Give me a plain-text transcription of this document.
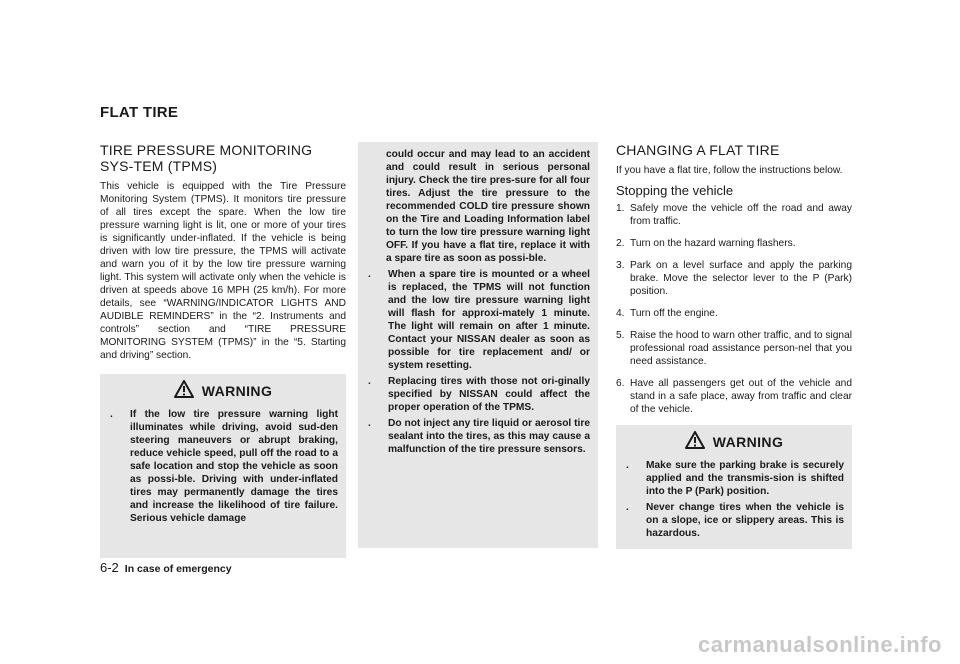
FLAT TIRE
TIRE PRESSURE MONITORING SYS-TEM (TPMS)

This vehicle is equipped with the Tire Pressure Monitoring System (TPMS). It monitors tire pressure of all tires except the spare. When the low tire pressure warning light is lit, one or more of your tires is significantly under-inflated. If the vehicle is being driven with low tire pressure, the TPMS will activate and warn you of it by the low tire pressure warning light. This system will activate only when the vehicle is driven at speeds above 16 MPH (25 km/h). For more details, see “WARNING/INDICATOR LIGHTS AND AUDIBLE REMINDERS” in the “2. Instruments and controls” section and “TIRE PRESSURE MONITORING SYSTEM (TPMS)” in the “5. Starting and driving” section.

WARNING
.	If the low tire pressure warning light illuminates while driving, avoid sud-den steering maneuvers or abrupt braking, reduce vehicle speed, pull off the road to a safe location and stop the vehicle as soon as possi-ble. Driving with under-inflated tires may permanently damage the tires and increase the likelihood of tire failure. Serious vehicle damage
could occur and may lead to an accident and could result in serious personal injury. Check the tire pres-sure for all four tires. Adjust the tire pressure to the recommended COLD tire pressure shown on the Tire and Loading Information label to turn the low tire pressure warning light OFF. If you have a flat tire, replace it with a spare tire as soon as possi-ble.
.	When a spare tire is mounted or a wheel is replaced, the TPMS will not function and the low tire pressure warning light will flash for approxi-mately 1 minute. The light will remain on after 1 minute. Contact your NISSAN dealer as soon as possible for tire replacement and/ or system resetting.
.	Replacing tires with those not ori-ginally specified by NISSAN could affect the proper operation of the TPMS.
.	Do not inject any tire liquid or aerosol tire sealant into the tires, as this may cause a malfunction of the tire pressure sensors.
CHANGING A FLAT TIRE

If you have a flat tire, follow the instructions below.

Stopping the vehicle
1. Safely move the vehicle off the road and away from traffic.
2. Turn on the hazard warning flashers.
3. Park on a level surface and apply the parking brake. Move the selector lever to the P (Park) position.
4. Turn off the engine.
5. Raise the hood to warn other traffic, and to signal professional road assistance person-nel that you need assistance.
6. Have all passengers get out of the vehicle and stand in a safe place, away from traffic and clear of the vehicle.
WARNING
.	Make sure the parking brake is securely applied and the transmis-sion is shifted into the P (Park) position.
.	Never change tires when the vehicle is on a slope, ice or slippery areas. This is hazardous.
6-2 In case of emergency
carmanualsonline.info
